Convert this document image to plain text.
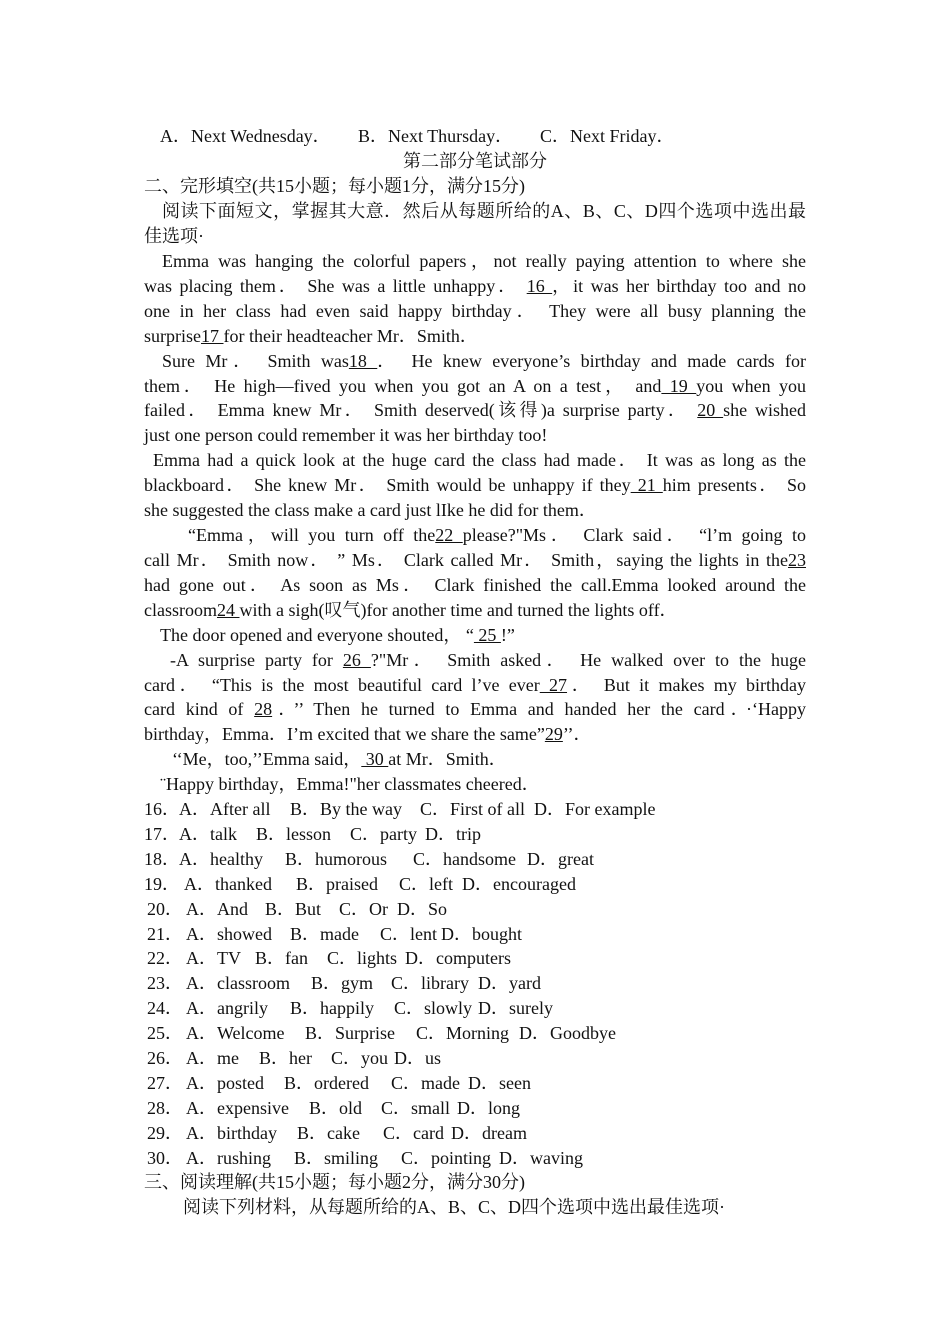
A．Next Wednesday． B．Next Thursday． C．Next Friday．
第二部分笔试部分
二、完形填空(共15小题；每小题1分，满分15分)
阅读下面短文，掌握其大意．然后从每题所给的A、B、C、D四个选项中选出最
佳选项·
Emma was hanging the colorful papers，not really paying attention to where she
was placing them． She was a little unhappy． 16 ，it was her birthday too and no
one in her class had even said happy birthday． They were all busy planning the
surprise17 for their headteacher Mr．Smith．
Sure Mr． Smith was18 ． He knew everyone’s birthday and made cards for
them． He high—fived you when you got an A on a test， and 19 you when you
failed． Emma knew Mr． Smith deserved(该得)a surprise party． 20 she wished
just one person could remember it was her birthday too!
Emma had a quick look at the huge card the class had made． It was as long as the
blackboard． She knew Mr． Smith would be unhappy if they 21 him presents． So
she suggested the class make a card just lIke he did for them．
“Emma，will you turn off the22 please?"Ms． Clark said． “l’m going to
call Mr． Smith now． ” Ms． Clark called Mr． Smith，saying the lights in the23
had gone out． As soon as Ms． Clark finished the call.Emma looked around the
classroom24 with a sigh(叹气)for another time and turned the lights off．
The door opened and everyone shouted， “ 25 !”
-A surprise party for 26 ?"Mr． Smith asked． He walked over to the huge
card． “This is the most beautiful card l’ve ever 27． But it makes my birthday
card kind of 28．’’ Then he turned to Emma and handed her the card．·‘Happy
birthday，Emma．I’m excited that we share the same”29’’．
‘‘Me，too,’’Emma said， 30 at Mr．Smith．
¨Happy birthday，Emma!"her classmates cheered．
16． A．After all B．By the way C．First of all D．For example
17． A．talk B．lesson C．party D．trip
18． A．healthy B．humorous C．handsome D．great
19． A．thanked B．praised C．left D．encouraged
20． A．And B．But C．Or D．So
21． A．showed B．made C．lent D．bought
22． A．TV B．fan C．lights D．computers
23． A．classroom B．gym C．library D．yard
24． A．angrily B．happily C．slowly D．surely
25． A．Welcome B．Surprise C．Morning D．Goodbye
26． A．me B．her C．you D．us
27． A．posted B．ordered C．made D．seen
28． A．expensive B．old C．small D．long
29． A．birthday B．cake C．card D．dream
30． A．rushing B．smiling C．pointing D．waving
三、阅读理解(共15小题；每小题2分，满分30分)
阅读下列材料，从每题所给的A、B、C、D四个选项中选出最佳选项·
